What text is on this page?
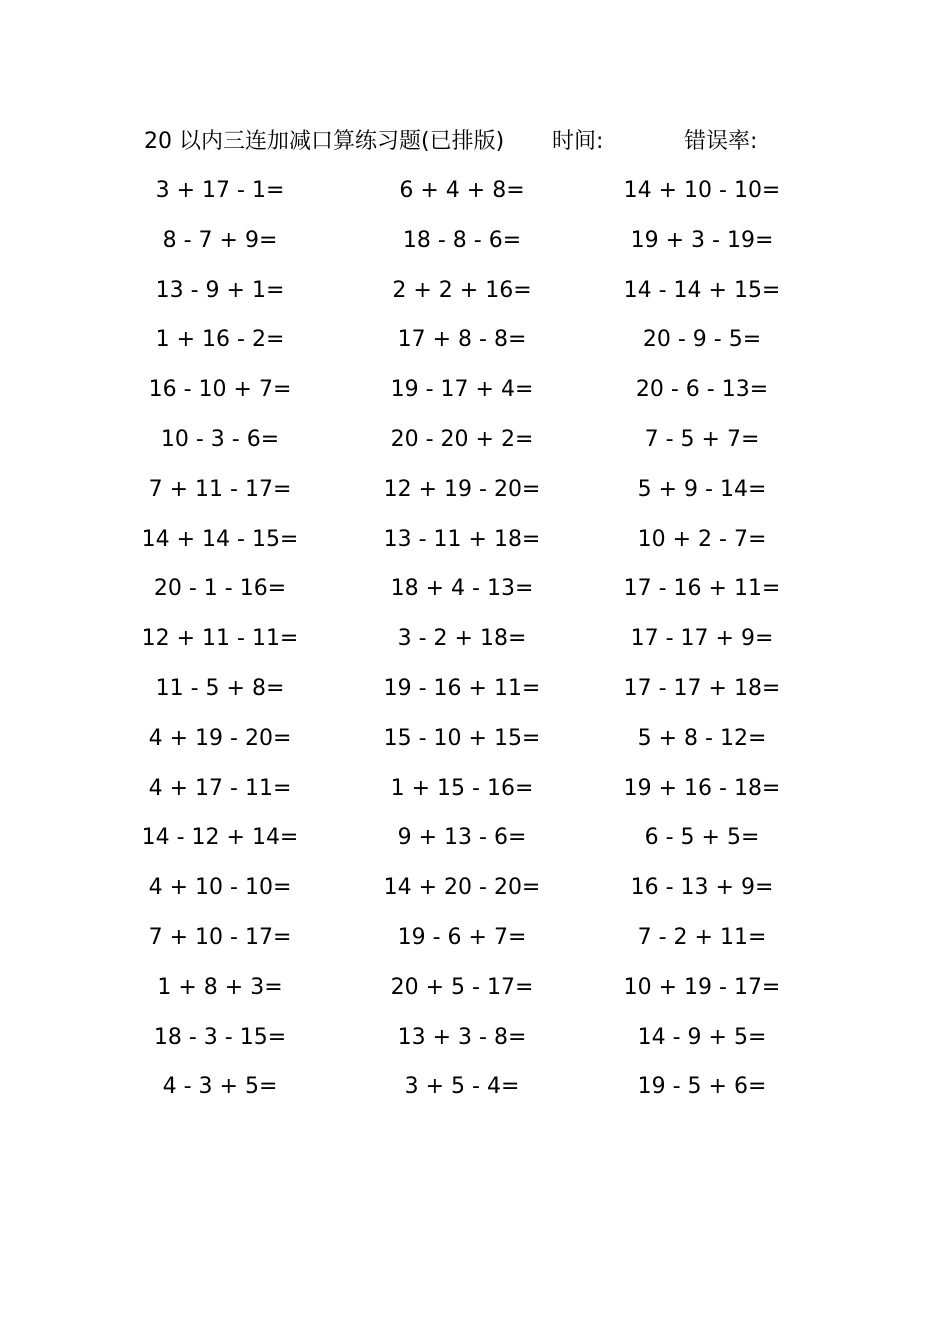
20 以内三连加减口算练习题(已排版) 时间:	错误率:
3 + 17 - 1=	6 + 4 + 8=	14 + 10 - 10=
8 - 7 + 9=	18 - 8 - 6=	19 + 3 - 19=
13 - 9 + 1=	2 + 2 + 16=	14 - 14 + 15=
1 + 16 - 2=	17 + 8 - 8=	20 - 9 - 5=
16 - 10 + 7=	19 - 17 + 4=	20 - 6 - 13=
10 - 3 - 6=	20 - 20 + 2=	7 - 5 + 7=
7 + 11 - 17=	12 + 19 - 20=	5 + 9 - 14=
14 + 14 - 15=	13 - 11 + 18=	10 + 2 - 7=
20 - 1 - 16=	18 + 4 - 13=	17 - 16 + 11=
12 + 11 - 11=	3 - 2 + 18=	17 - 17 + 9=
11 - 5 + 8=	19 - 16 + 11=	17 - 17 + 18=
4 + 19 - 20=	15 - 10 + 15=	5 + 8 - 12=
4 + 17 - 11=	1 + 15 - 16=	19 + 16 - 18=
14 - 12 + 14=	9 + 13 - 6=	6 - 5 + 5=
4 + 10 - 10=	14 + 20 - 20=	16 - 13 + 9=
7 + 10 - 17=	19 - 6 + 7=	7 - 2 + 11=
1 + 8 + 3=	20 + 5 - 17=	10 + 19 - 17=
18 - 3 - 15=	13 + 3 - 8=	14 - 9 + 5=
4 - 3 + 5=	3 + 5 - 4=	19 - 5 + 6=
